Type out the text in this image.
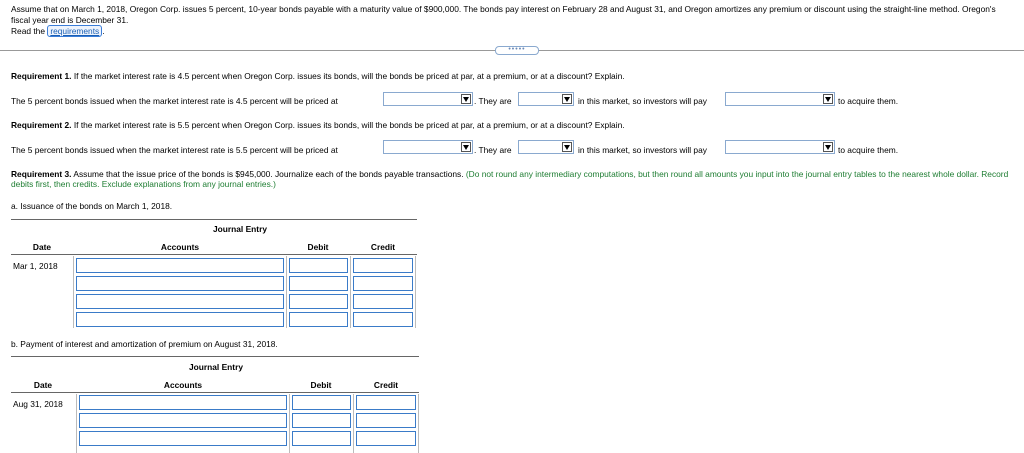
Assume that on March 1, 2018, Oregon Corp. issues 5 percent, 10-year bonds payable with a maturity value of $900,000. The bonds pay interest on February 28 and August 31, and Oregon amortizes any premium or discount using the straight-line method. Oregon's fiscal year end is December 31.
Read the requirements .
•••••
Requirement 1. If the market interest rate is 4.5 percent when Oregon Corp. issues its bonds, will the bonds be priced at par, at a premium, or at a discount? Explain.
The 5 percent bonds issued when the market interest rate is 4.5 percent will be priced at	. They are	in this market, so investors will pay	to acquire them.
Requirement 2. If the market interest rate is 5.5 percent when Oregon Corp. issues its bonds, will the bonds be priced at par, at a premium, or at a discount? Explain.
The 5 percent bonds issued when the market interest rate is 5.5 percent will be priced at	. They are	in this market, so investors will pay	to acquire them.
Requirement 3. Assume that the issue price of the bonds is $945,000. Journalize each of the bonds payable transactions. (Do not round any intermediary computations, but then round all amounts you input into the journal entry tables to the nearest whole dollar. Record debits first, then credits. Exclude explanations from any journal entries.)
a. Issuance of the bonds on March 1, 2018.
Journal Entry
Date	Accounts	Debit	Credit
Mar 1, 2018
b. Payment of interest and amortization of premium on August 31, 2018.
Journal Entry
Date	Accounts	Debit	Credit
Aug 31, 2018
